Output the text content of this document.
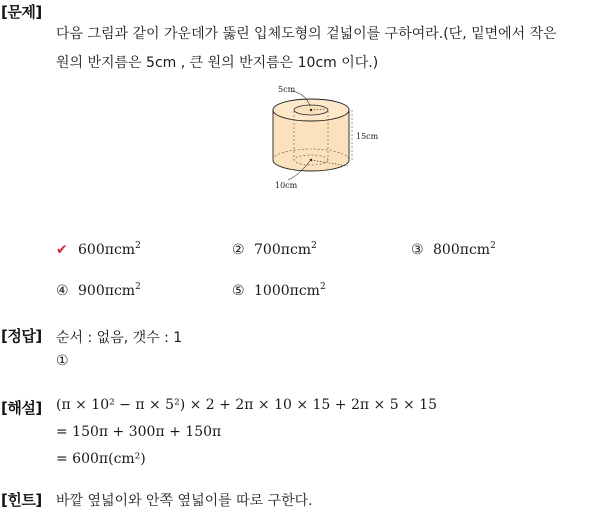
[문제]
다음 그림과 같이 가운데가 뚫린 입체도형의 겉넓이를 구하여라.(단, 밑면에서 작은
원의 반지름은 5cm , 큰 원의 반지름은 10cm 이다.)
5cm
15cm
10cm
✔ 600πcm$^2$	② 700πcm$^2$	③ 800πcm$^2$
④ 900πcm$^2$	⑤ 1000πcm$^2$
[정답] 순서 : 없음, 갯수 : 1
①
[해설] (π × 10² − π × 5²) × 2 + 2π × 10 × 15 + 2π × 5 × 15
= 150π + 300π + 150π
= 600π(cm²)
[힌트] 바깥 옆넓이와 안쪽 옆넓이를 따로 구한다.
